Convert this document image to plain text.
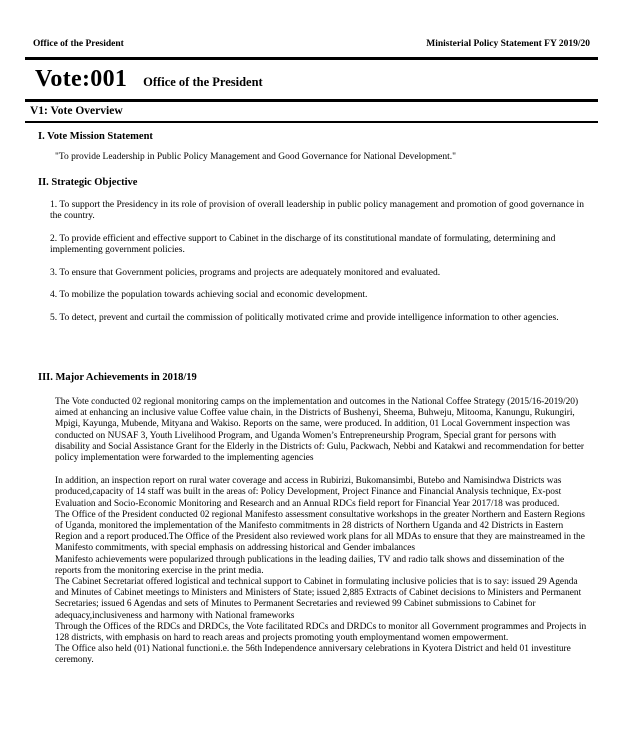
Office of the President	Ministerial Policy Statement FY 2019/20
Vote:001 Office of the President
V1: Vote Overview
I. Vote Mission Statement

"To provide Leadership in Public Policy Management and Good Governance for National Development."

II. Strategic Objective

1. To support the Presidency in its role of provision of overall leadership in public policy management and promotion of good governance in the country.

2. To provide efficient and effective support to Cabinet in the discharge of its constitutional mandate of formulating, determining and implementing government policies.

3. To ensure that Government policies, programs and projects are adequately monitored and evaluated.

4. To mobilize the population towards achieving social and economic development.

5. To detect, prevent and curtail the commission of politically motivated crime and provide intelligence information to other agencies.

III. Major Achievements in 2018/19

The Vote conducted 02 regional monitoring camps on the implementation and outcomes in the National Coffee Strategy (2015/16-2019/20) aimed at enhancing an inclusive value Coffee value chain, in the Districts of Bushenyi, Sheema, Buhweju, Mitooma, Kanungu, Rukungiri, Mpigi, Kayunga, Mubende, Mityana and Wakiso. Reports on the same, were produced. In addition, 01 Local Government inspection was conducted on NUSAF 3, Youth Livelihood Program, and Uganda Women’s Entrepreneurship Program, Special grant for persons with disability and Social Assistance Grant for the Elderly in the Districts of: Gulu, Packwach, Nebbi and Katakwi and recommendation for better policy implementation were forwarded to the implementing agencies

In addition, an inspection report on rural water coverage and access in Rubirizi, Bukomansimbi, Butebo and Namisindwa Districts was produced,capacity of 14 staff was built in the areas of: Policy Development, Project Finance and Financial Analysis technique, Ex-post Evaluation and Socio-Economic Monitoring and Research and an Annual RDCs field report for Financial Year 2017/18 was produced.

The Office of the President conducted 02 regional Manifesto assessment consultative workshops in the greater Northern and Eastern Regions of Uganda, monitored the implementation of the Manifesto commitments in 28 districts of Northern Uganda and 42 Districts in Eastern Region and a report produced.The Office of the President also reviewed work plans for all MDAs to ensure that they are mainstreamed in the Manifesto commitments, with special emphasis on addressing historical and Gender imbalances

Manifesto achievements were popularized through publications in the leading dailies, TV and radio talk shows and dissemination of the reports from the monitoring exercise in the print media.

The Cabinet Secretariat offered logistical and technical support to Cabinet in formulating inclusive policies that is to say: issued 29 Agenda and Minutes of Cabinet meetings to Ministers and Ministers of State; issued 2,885 Extracts of Cabinet decisions to Ministers and Permanent Secretaries; issued 6 Agendas and sets of Minutes to Permanent Secretaries and reviewed 99 Cabinet submissions to Cabinet for adequacy,inclusiveness and harmony with National frameworks

Through the Offices of the RDCs and DRDCs, the Vote facilitated RDCs and DRDCs to monitor all Government programmes and Projects in 128 districts, with emphasis on hard to reach areas and projects promoting youth employmentand women empowerment.

The Office also held (01) National functioni.e. the 56th Independence anniversary celebrations in Kyotera District and held 01 investiture ceremony.
